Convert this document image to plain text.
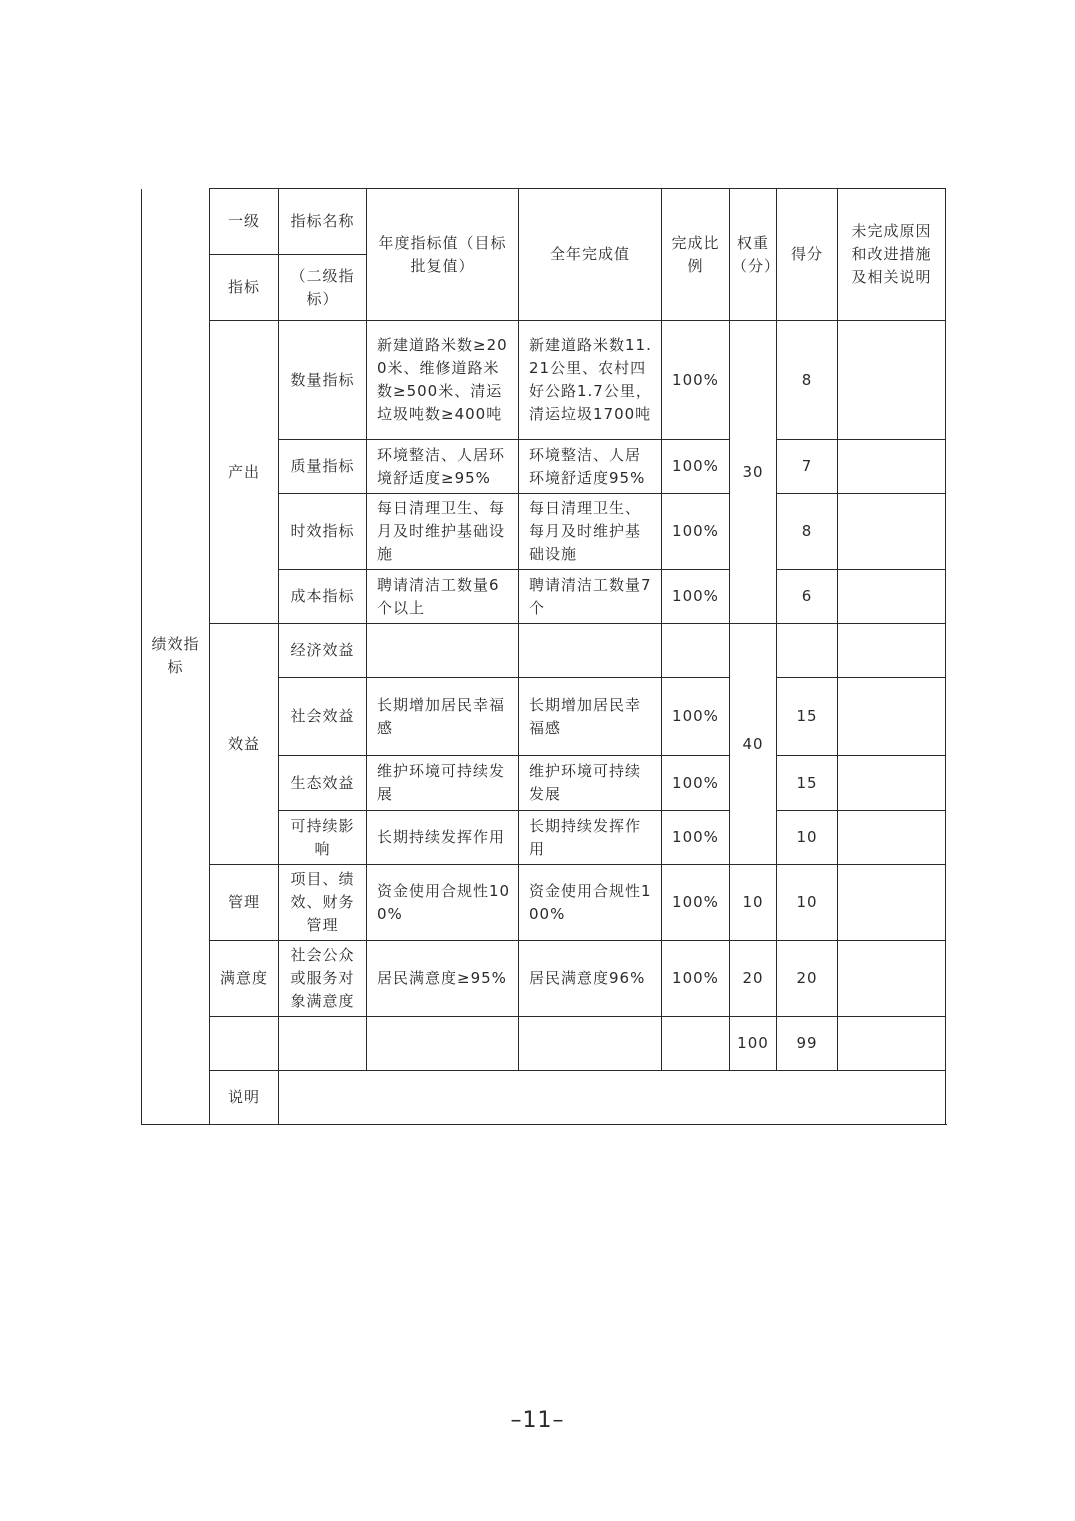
绩效指标	一级	指标名称	年度指标值（目标批复值）	全年完成值	完成比例	权重（分）	得分	未完成原因和改进措施及相关说明
	指标	（二级指标）						
	产出	数量指标	新建道路米数≥200米、维修道路米数≥500米、清运垃圾吨数≥400吨	新建道路米数11.21公里、农村四好公路1.7公里，清运垃圾1700吨	100%	30	8	
		质量指标	环境整洁、人居环境舒适度≥95%	环境整洁、人居环境舒适度95%	100%		7	
		时效指标	每日清理卫生、每月及时维护基础设施	每日清理卫生、每月及时维护基础设施	100%		8	
		成本指标	聘请清洁工数量6个以上	聘请清洁工数量7个	100%		6	
	效益	经济效益				40		
		社会效益	长期增加居民幸福感	长期增加居民幸福感	100%		15	
		生态效益	维护环境可持续发展	维护环境可持续发展	100%		15	
		可持续影响	长期持续发挥作用	长期持续发挥作用	100%		10	
	管理	项目、绩效、财务管理	资金使用合规性100%	资金使用合规性100%	100%	10	10	
	满意度	社会公众或服务对象满意度	居民满意度≥95%	居民满意度96%	100%	20	20	
						100	99	
	说明							
–11–
